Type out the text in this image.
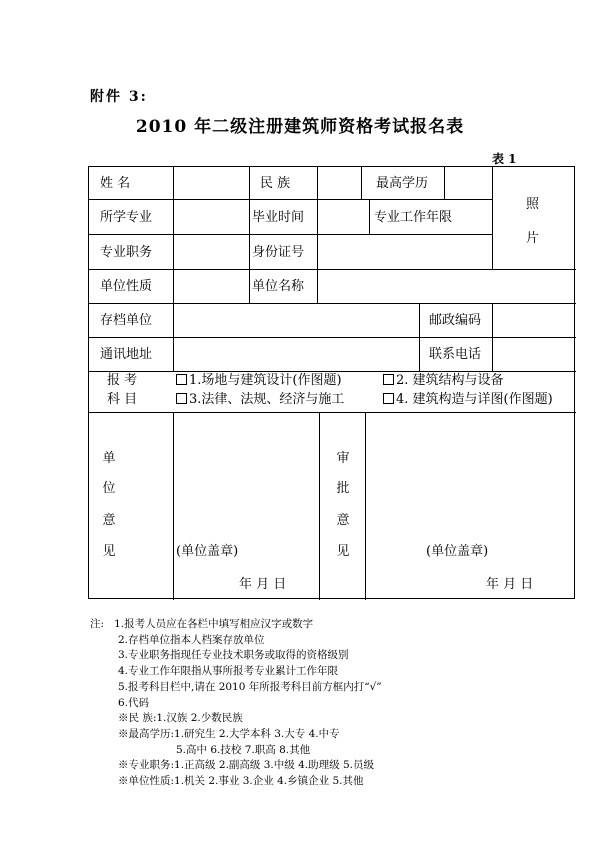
附件 3:
2010 年二级注册建筑师资格考试报名表
表 1
姓 名	民 族	最高学历
照
片
所学专业	毕业时间	专业工作年限
专业职务	身份证号
单位性质	单位名称
存档单位	邮政编码
通讯地址	联系电话
报 考
科 目
1.场地与建筑设计(作图题)	2. 建筑结构与设备
3.法律、法规、经济与施工	4. 建筑构造与详图(作图题)
单
位
意
见	(单位盖章)
年 月 日
审
批
意
见	(单位盖章)
年 月 日
注: 1.报考人员应在各栏中填写相应汉字或数字
2.存档单位指本人档案存放单位
3.专业职务指现任专业技术职务或取得的资格级别
4.专业工作年限指从事所报考专业累计工作年限
5.报考科目栏中,请在 2010 年所报考科目前方框内打“√”
6.代码
※民 族:1.汉族 2.少数民族
※最高学历:1.研究生 2.大学本科 3.大专 4.中专
5.高中 6.技校 7.职高 8.其他
※专业职务:1.正高级 2.副高级 3.中级 4.助理级 5.员级
※单位性质:1.机关 2.事业 3.企业 4.乡镇企业 5.其他
